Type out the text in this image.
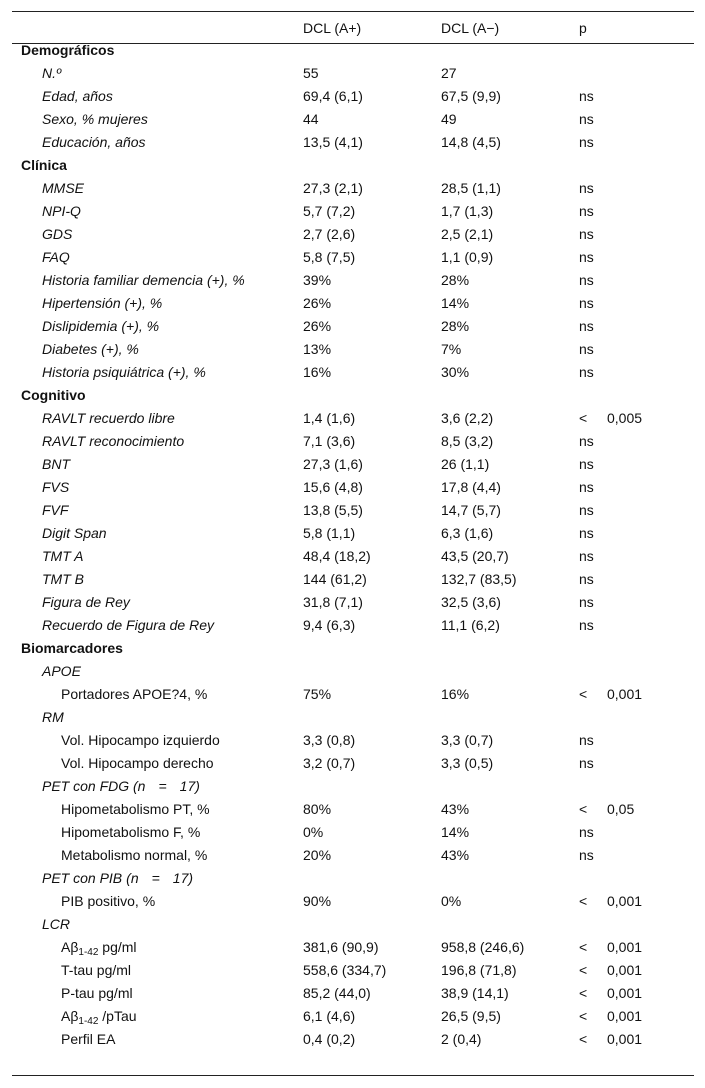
	DCL (A+)	DCL (A−)	p
Demográficos			
N.º	55	27	
Edad, años	69,4 (6,1)	67,5 (9,9)	ns
Sexo, % mujeres	44	49	ns
Educación, años	13,5 (4,1)	14,8 (4,5)	ns
Clínica			
MMSE	27,3 (2,1)	28,5 (1,1)	ns
NPI-Q	5,7 (7,2)	1,7 (1,3)	ns
GDS	2,7 (2,6)	2,5 (2,1)	ns
FAQ	5,8 (7,5)	1,1 (0,9)	ns
Historia familiar demencia (+), %	39%	28%	ns
Hipertensión (+), %	26%	14%	ns
Dislipidemia (+), %	26%	28%	ns
Diabetes (+), %	13%	7%	ns
Historia psiquiátrica (+), %	16%	30%	ns
Cognitivo			
RAVLT recuerdo libre	1,4 (1,6)	3,6 (2,2)	< 0,005
RAVLT reconocimiento	7,1 (3,6)	8,5 (3,2)	ns
BNT	27,3 (1,6)	26 (1,1)	ns
FVS	15,6 (4,8)	17,8 (4,4)	ns
FVF	13,8 (5,5)	14,7 (5,7)	ns
Digit Span	5,8 (1,1)	6,3 (1,6)	ns
TMT A	48,4 (18,2)	43,5 (20,7)	ns
TMT B	144 (61,2)	132,7 (83,5)	ns
Figura de Rey	31,8 (7,1)	32,5 (3,6)	ns
Recuerdo de Figura de Rey	9,4 (6,3)	11,1 (6,2)	ns
Biomarcadores			
APOE			
Portadores APOE?4, %	75%	16%	< 0,001
RM			
Vol. Hipocampo izquierdo	3,3 (0,8)	3,3 (0,7)	ns
Vol. Hipocampo derecho	3,2 (0,7)	3,3 (0,5)	ns
PET con FDG (n = 17)			
Hipometabolismo PT, %	80%	43%	< 0,05
Hipometabolismo F, %	0%	14%	ns
Metabolismo normal, %	20%	43%	ns
PET con PIB (n = 17)			
PIB positivo, %	90%	0%	< 0,001
LCR			
$A\beta_{1-42}$ pg/ml	381,6 (90,9)	958,8 (246,6)	< 0,001
T-tau pg/ml	558,6 (334,7)	196,8 (71,8)	< 0,001
P-tau pg/ml	85,2 (44,0)	38,9 (14,1)	< 0,001
$A\beta_{1-42}$ /pTau	6,1 (4,6)	26,5 (9,5)	< 0,001
Perfil EA	0,4 (0,2)	2 (0,4)	< 0,001
